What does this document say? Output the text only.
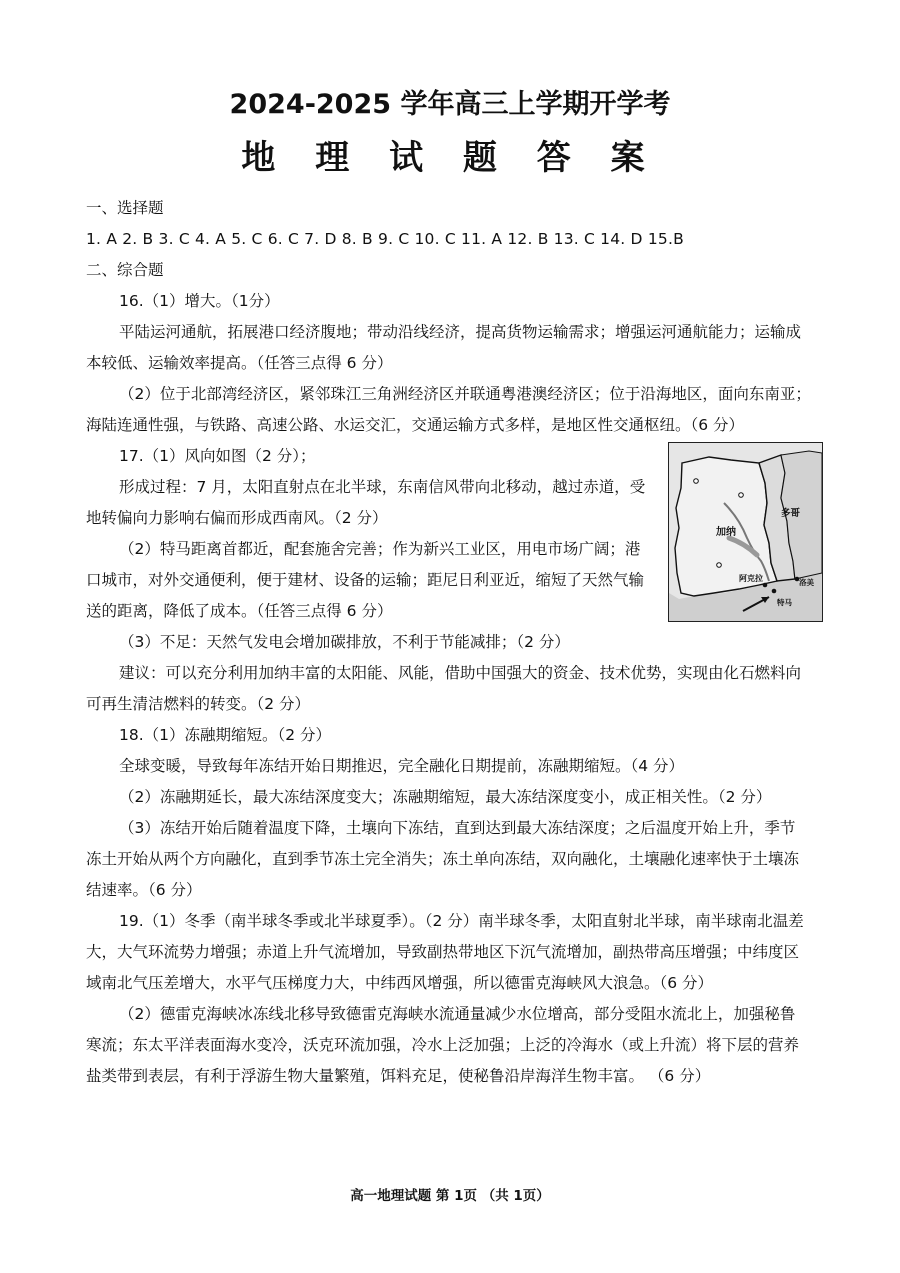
2024-2025 学年高三上学期开学考
地 理 试 题 答 案
一、选择题
1. A 2. B 3. C 4. A 5. C 6. C 7. D 8. B 9. C 10. C 11. A 12. B 13. C 14. D 15.B
二、综合题
16.（1）增大。（1分）
平陆运河通航，拓展港口经济腹地；带动沿线经济，提高货物运输需求；增强运河通航能力；运输成
本较低、运输效率提高。（任答三点得 6 分）
（2）位于北部湾经济区，紧邻珠江三角洲经济区并联通粤港澳经济区；位于沿海地区，面向东南亚；
海陆连通性强，与铁路、高速公路、水运交汇，交通运输方式多样，是地区性交通枢纽。（6 分）
17.（1）风向如图（2 分）；
形成过程：7 月，太阳直射点在北半球，东南信风带向北移动，越过赤道，受
地转偏向力影响右偏而形成西南风。（2 分）
（2）特马距离首都近，配套施舍完善；作为新兴工业区，用电市场广阔；港
口城市，对外交通便利，便于建材、设备的运输；距尼日利亚近，缩短了天然气输
送的距离，降低了成本。（任答三点得 6 分）
（3）不足：天然气发电会增加碳排放，不利于节能减排；（2 分）
建议：可以充分利用加纳丰富的太阳能、风能，借助中国强大的资金、技术优势，实现由化石燃料向
可再生清洁燃料的转变。（2 分）
18.（1）冻融期缩短。（2 分）
全球变暖，导致每年冻结开始日期推迟，完全融化日期提前，冻融期缩短。（4 分）
（2）冻融期延长，最大冻结深度变大；冻融期缩短，最大冻结深度变小，成正相关性。（2 分）
（3）冻结开始后随着温度下降，土壤向下冻结，直到达到最大冻结深度；之后温度开始上升，季节
冻土开始从两个方向融化，直到季节冻土完全消失；冻土单向冻结，双向融化，土壤融化速率快于土壤冻
结速率。（6 分）
19.（1）冬季（南半球冬季或北半球夏季）。（2 分）南半球冬季，太阳直射北半球，南半球南北温差
大，大气环流势力增强；赤道上升气流增加，导致副热带地区下沉气流增加，副热带高压增强；中纬度区
域南北气压差增大，水平气压梯度力大，中纬西风增强，所以德雷克海峡风大浪急。（6 分）
（2）德雷克海峡冰冻线北移导致德雷克海峡水流通量减少水位增高，部分受阻水流北上，加强秘鲁
寒流；东太平洋表面海水变冷，沃克环流加强，冷水上泛加强；上泛的冷海水（或上升流）将下层的营养
盐类带到表层，有利于浮游生物大量繁殖，饵料充足，使秘鲁沿岸海洋生物丰富。 （6 分）
加纳
多哥
阿克拉
特马
洛美
高一地理试题 第 1页 （共 1页）
